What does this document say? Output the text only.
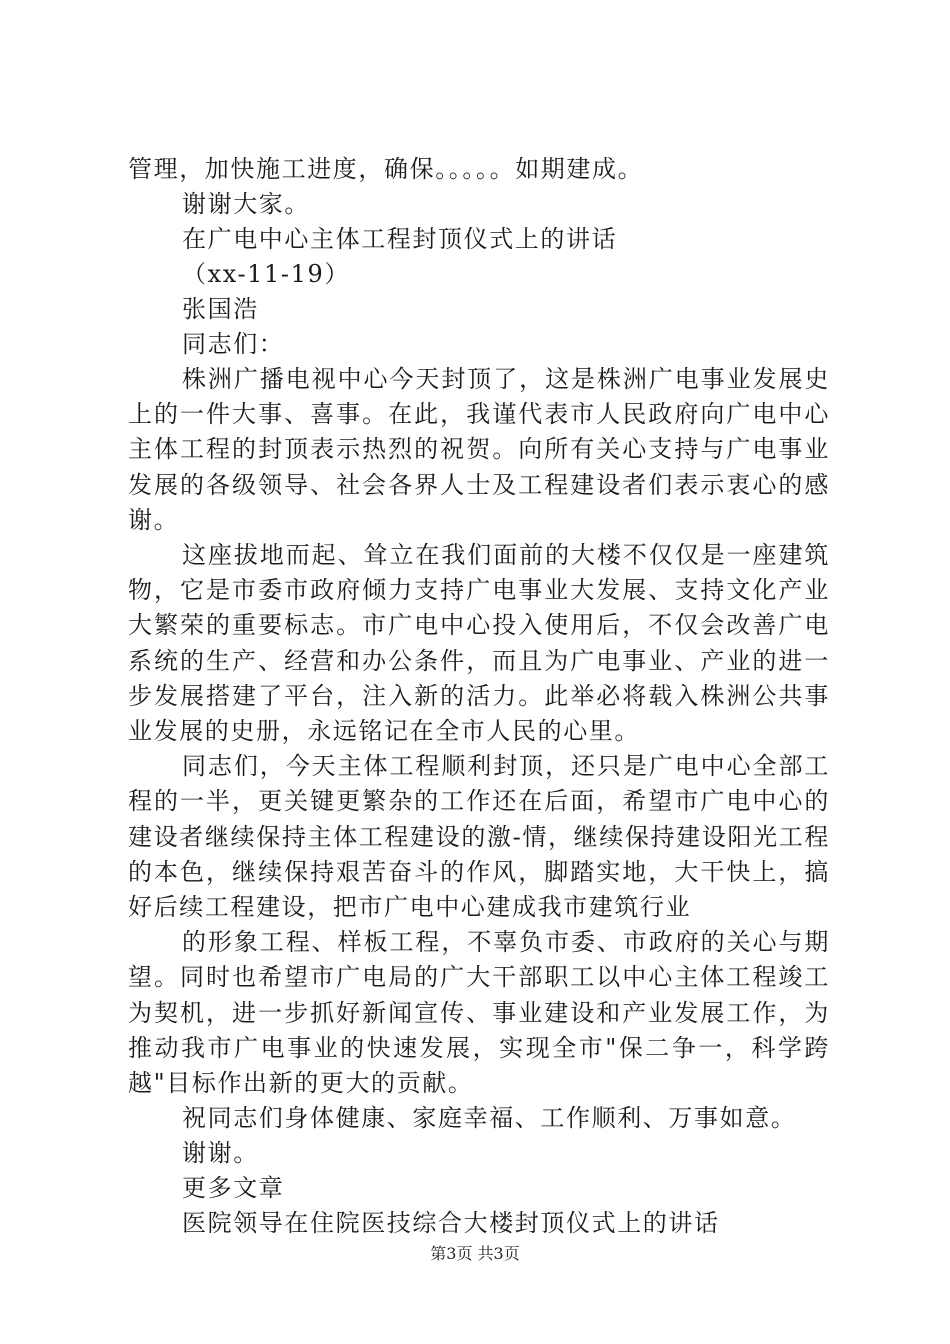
管理，加快施工进度，确保。。。。。如期建成。
谢谢大家。
在广电中心主体工程封顶仪式上的讲话
（xx-11-19）
张国浩
同志们：
株洲广播电视中心今天封顶了，这是株洲广电事业发展史上的一件大事、喜事。在此，我谨代表市人民政府向广电中心主体工程的封顶表示热烈的祝贺。向所有关心支持与广电事业发展的各级领导、社会各界人士及工程建设者们表示衷心的感谢。
这座拔地而起、耸立在我们面前的大楼不仅仅是一座建筑物，它是市委市政府倾力支持广电事业大发展、支持文化产业大繁荣的重要标志。市广电中心投入使用后，不仅会改善广电系统的生产、经营和办公条件，而且为广电事业、产业的进一步发展搭建了平台，注入新的活力。此举必将载入株洲公共事业发展的史册，永远铭记在全市人民的心里。
同志们，今天主体工程顺利封顶，还只是广电中心全部工程的一半，更关键更繁杂的工作还在后面，希望市广电中心的建设者继续保持主体工程建设的激-情，继续保持建设阳光工程的本色，继续保持艰苦奋斗的作风，脚踏实地，大干快上，搞好后续工程建设，把市广电中心建成我市建筑行业
的形象工程、样板工程，不辜负市委、市政府的关心与期望。同时也希望市广电局的广大干部职工以中心主体工程竣工为契机，进一步抓好新闻宣传、事业建设和产业发展工作，为推动我市广电事业的快速发展，实现全市"保二争一，科学跨越"目标作出新的更大的贡献。
祝同志们身体健康、家庭幸福、工作顺利、万事如意。
谢谢。
更多文章
医院领导在住院医技综合大楼封顶仪式上的讲话
第3页 共3页
